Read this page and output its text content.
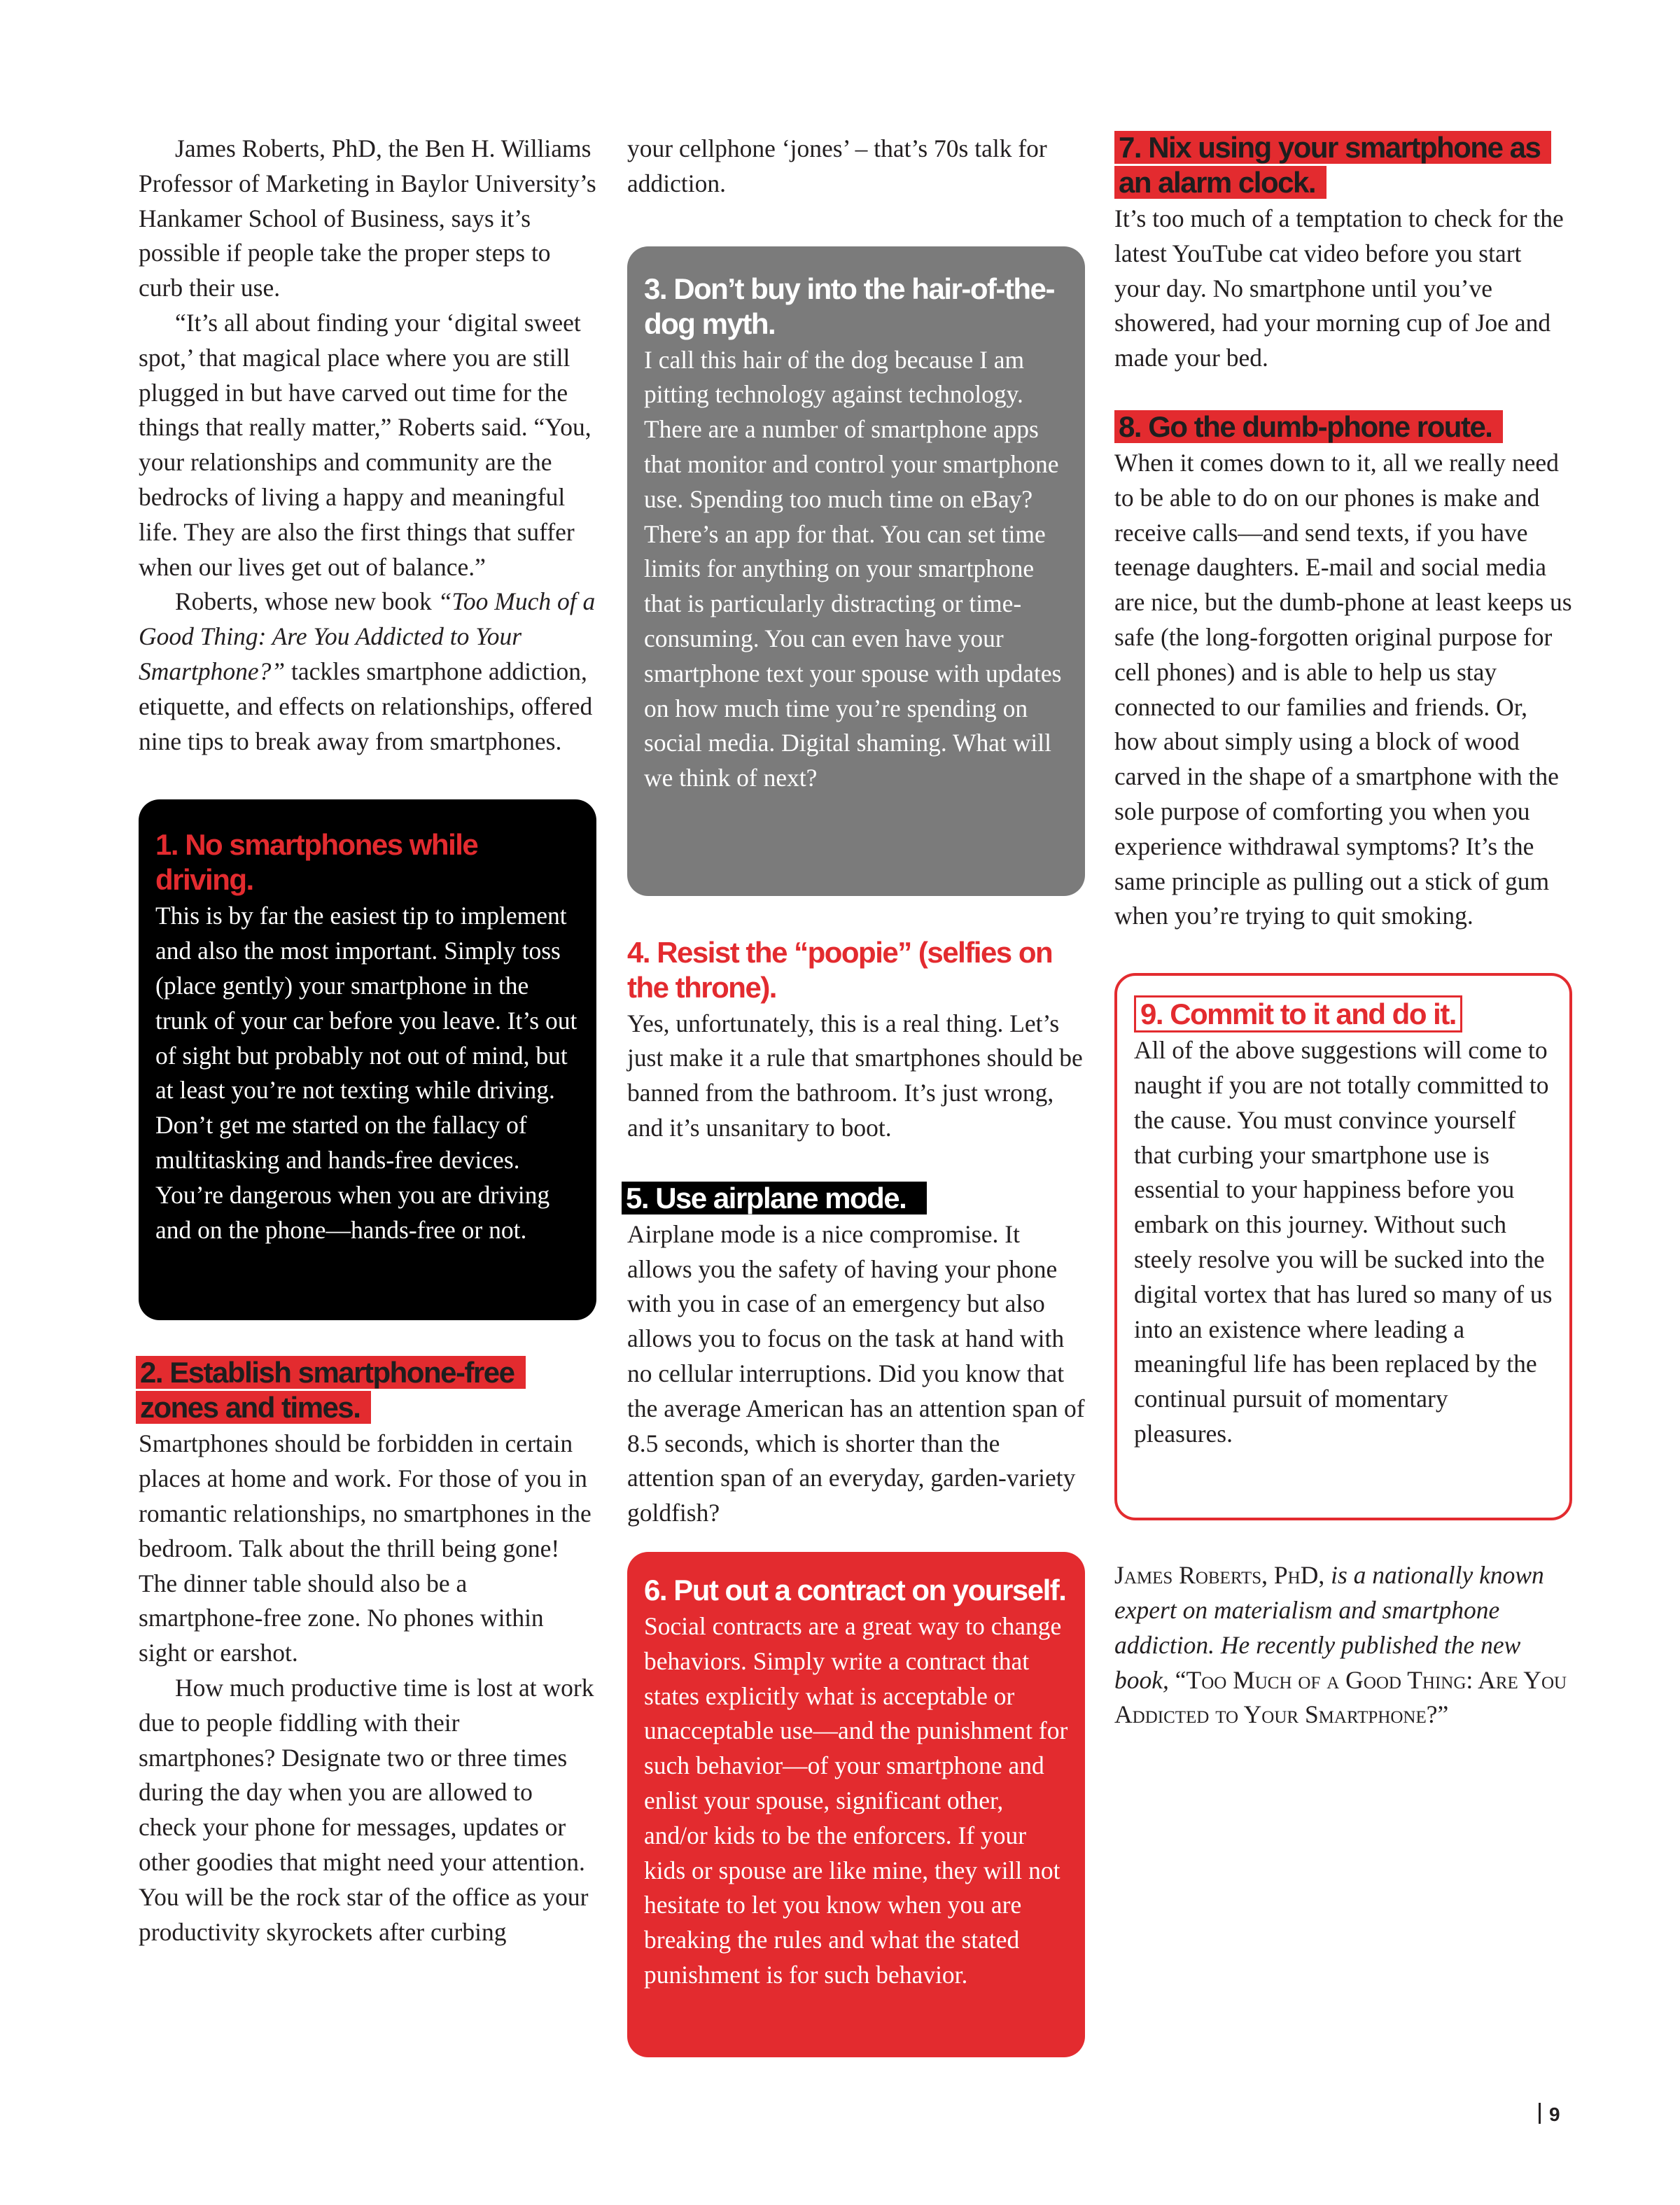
James Roberts, PhD, the Ben H. Williams Professor of Marketing in Baylor University’s Hankamer School of Business, says it’s possible if people take the proper steps to curb their use.

“It’s all about finding your ‘digital sweet spot,’ that magical place where you are still plugged in but have carved out time for the things that really matter,” Roberts said. “You, your relationships and community are the bedrocks of living a happy and meaningful life. They are also the first things that suffer when our lives get out of balance.”

Roberts, whose new book “Too Much of a Good Thing: Are You Addicted to Your Smartphone?” tackles smartphone addiction, etiquette, and effects on relationships, offered nine tips to break away from smartphones.

1. No smartphones while driving.

This is by far the easiest tip to implement and also the most important. Simply toss (place gently) your smartphone in the trunk of your car before you leave. It’s out of sight but probably not out of mind, but at least you’re not texting while driving. Don’t get me started on the fallacy of multitasking and hands-free devices. You’re dangerous when you are driving and on the phone—hands-free or not.

2. Establish smartphone-free zones and times.

Smartphones should be forbidden in certain places at home and work. For those of you in romantic relationships, no smartphones in the bedroom. Talk about the thrill being gone! The dinner table should also be a smartphone-free zone. No phones within sight or earshot.

How much productive time is lost at work due to people fiddling with their smartphones? Designate two or three times during the day when you are allowed to check your phone for messages, updates or other goodies that might need your attention. You will be the rock star of the office as your productivity skyrockets after curbing

your cellphone ‘jones’ – that’s 70s talk for addiction.

3. Don’t buy into the hair-of-the-dog myth.

I call this hair of the dog because I am pitting technology against technology. There are a number of smartphone apps that monitor and control your smartphone use. Spending too much time on eBay? There’s an app for that. You can set time limits for anything on your smartphone that is particularly distracting or time-consuming. You can even have your smartphone text your spouse with updates on how much time you’re spending on social media. Digital shaming. What will we think of next?

4. Resist the “poopie” (selfies on the throne).

Yes, unfortunately, this is a real thing. Let’s just make it a rule that smartphones should be banned from the bathroom. It’s just wrong, and it’s unsanitary to boot.

5. Use airplane mode.

Airplane mode is a nice compromise. It allows you the safety of having your phone with you in case of an emergency but also allows you to focus on the task at hand with no cellular interruptions. Did you know that the average American has an attention span of 8.5 seconds, which is shorter than the attention span of an everyday, garden-variety goldfish?

6. Put out a contract on yourself.

Social contracts are a great way to change behaviors. Simply write a contract that states explicitly what is acceptable or unacceptable use—and the punishment for such behavior—of your smartphone and enlist your spouse, significant other, and/or kids to be the enforcers. If your kids or spouse are like mine, they will not hesitate to let you know when you are breaking the rules and what the stated punishment is for such behavior.

7. Nix using your smartphone as an alarm clock.

It’s too much of a temptation to check for the latest YouTube cat video before you start your day. No smartphone until you’ve showered, had your morning cup of Joe and made your bed.

8. Go the dumb-phone route.

When it comes down to it, all we really need to be able to do on our phones is make and receive calls—and send texts, if you have teenage daughters. E-mail and social media are nice, but the dumb-phone at least keeps us safe (the long-forgotten original purpose for cell phones) and is able to help us stay connected to our families and friends. Or, how about simply using a block of wood carved in the shape of a smartphone with the sole purpose of comforting you when you experience withdrawal symptoms? It’s the same principle as pulling out a stick of gum when you’re trying to quit smoking.

9. Commit to it and do it.

All of the above suggestions will come to naught if you are not totally committed to the cause. You must convince yourself that curbing your smartphone use is essential to your happiness before you embark on this journey. Without such steely resolve you will be sucked into the digital vortex that has lured so many of us into an existence where leading a meaningful life has been replaced by the continual pursuit of momentary pleasures.

James Roberts, PhD, is a nationally known expert on materialism and smartphone addiction. He recently published the new book, “Too Much of a Good Thing: Are You Addicted to Your Smartphone?”

9
